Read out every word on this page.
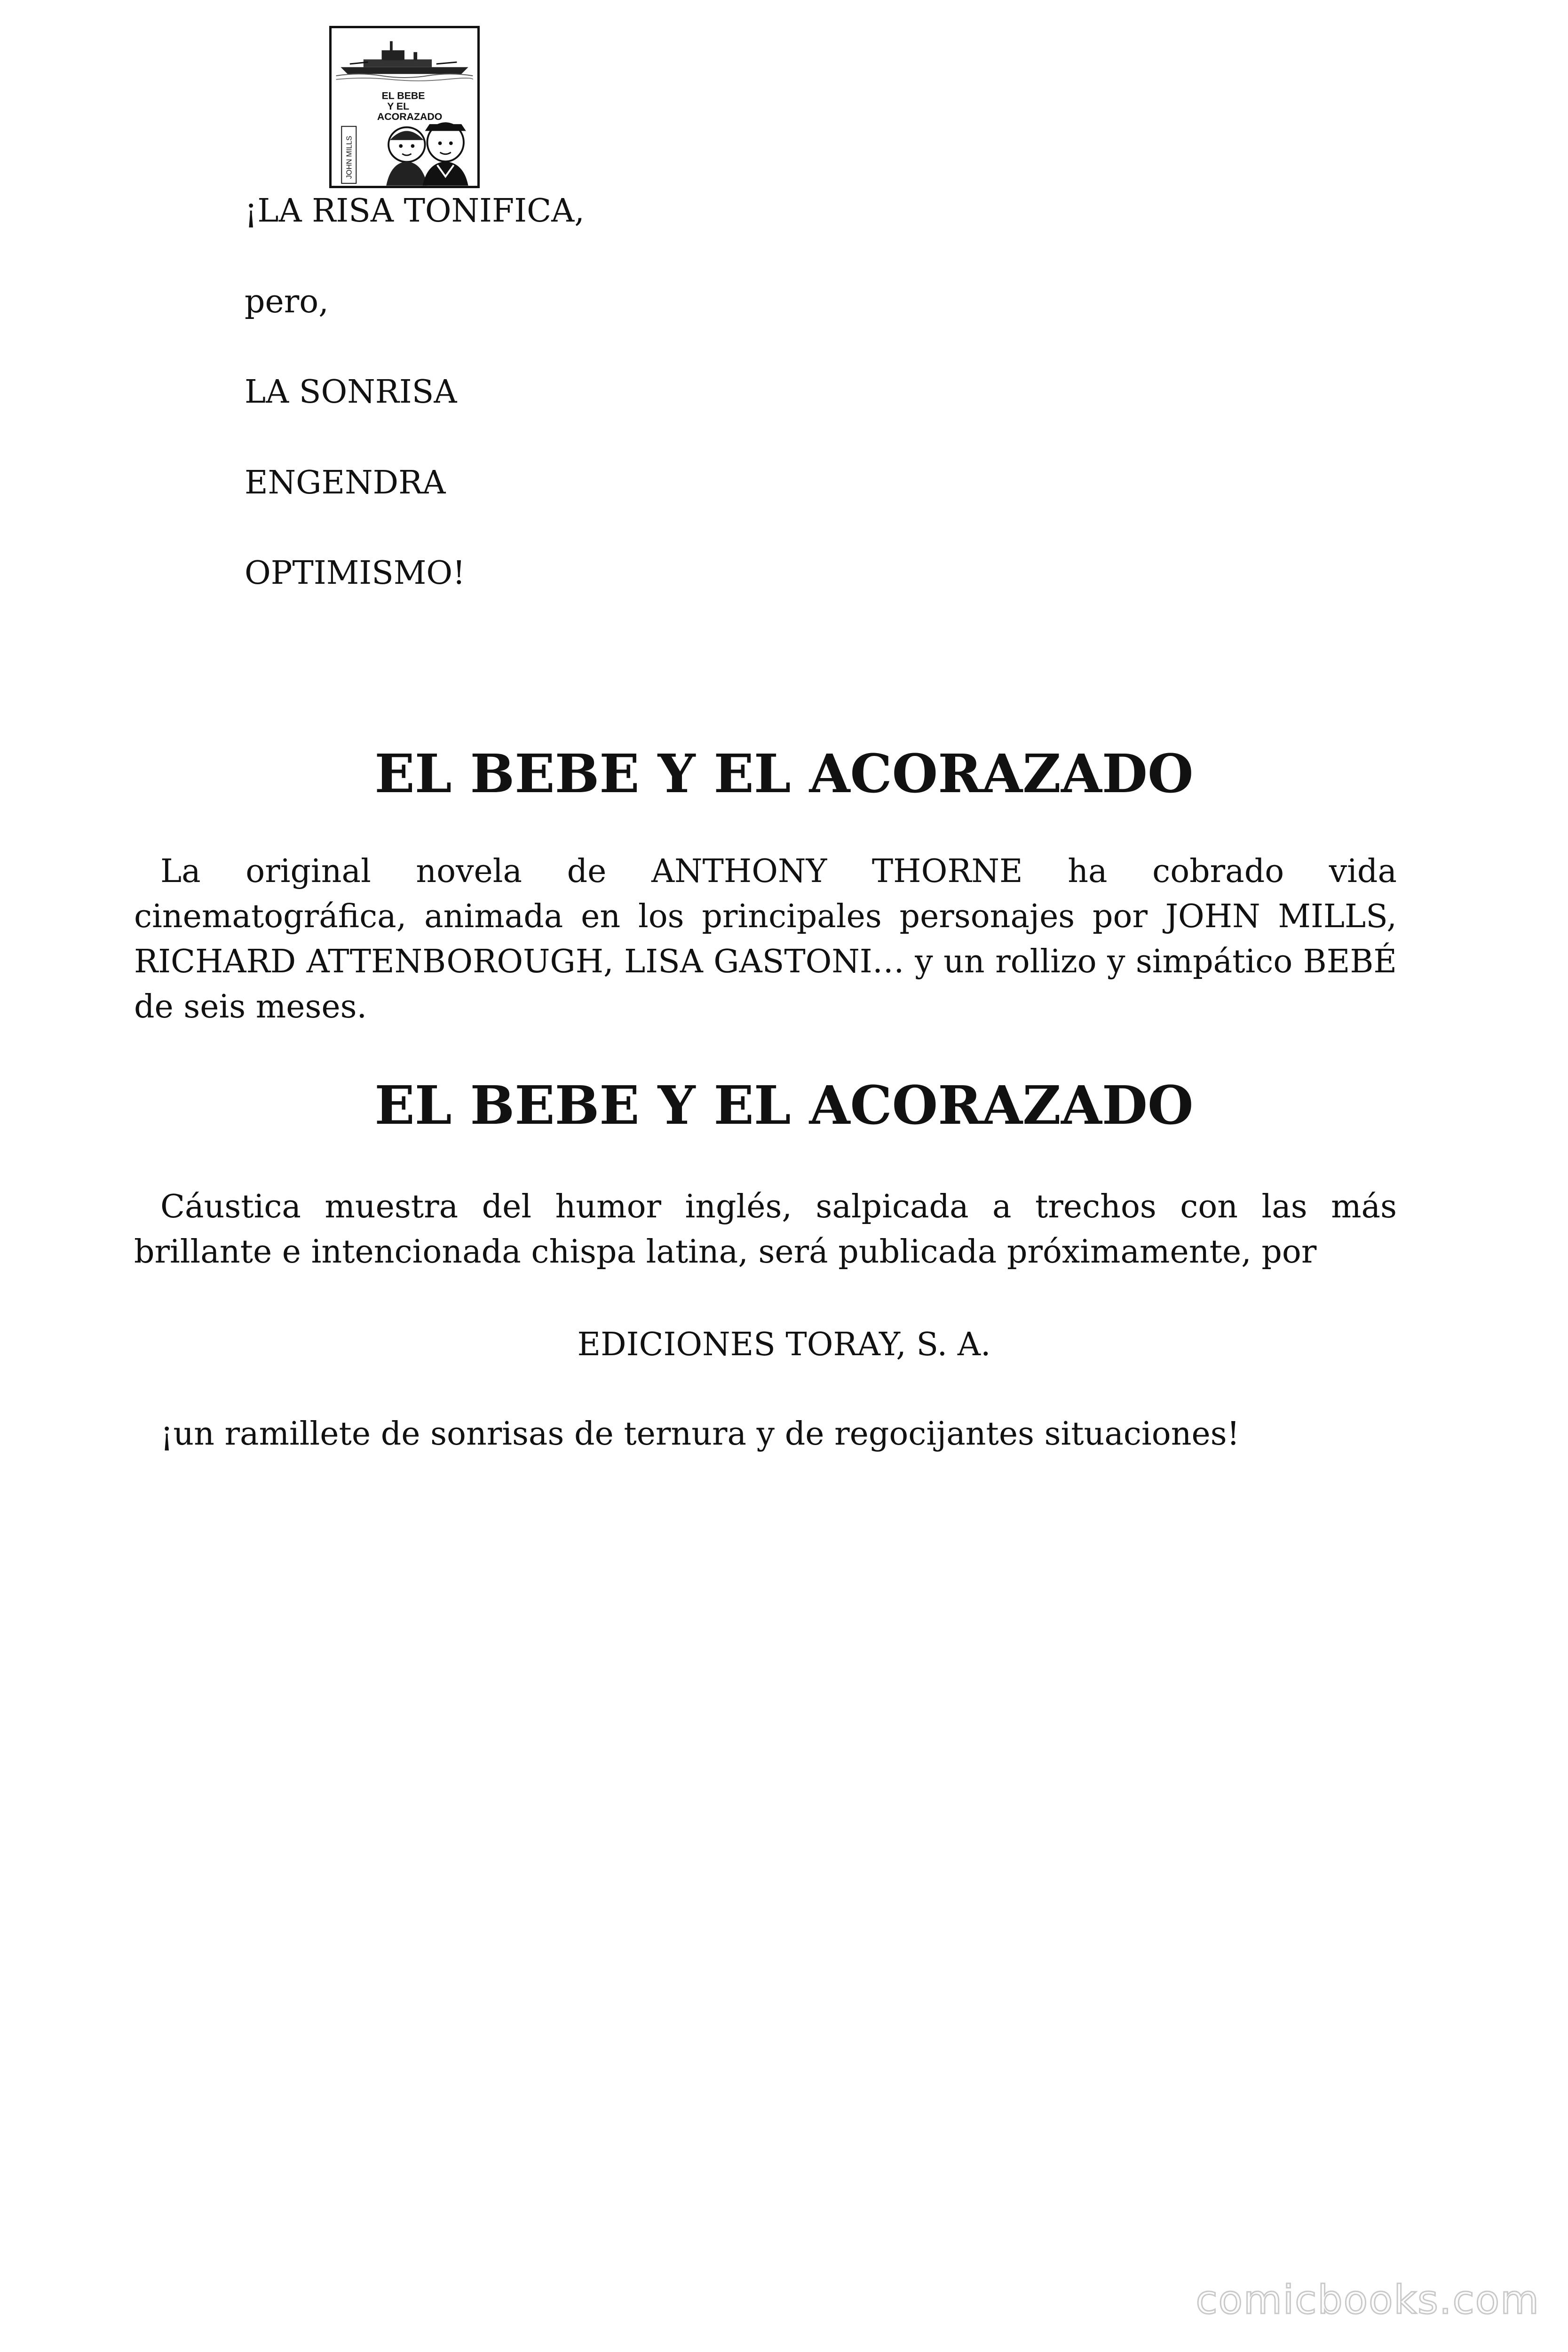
EL BEBE
Y EL
ACORAZADO
JOHN MILLS
¡LA RISA TONIFICA,
pero,
LA SONRISA
ENGENDRA
OPTIMISMO!
EL BEBE Y EL ACORAZADO

La original novela de ANTHONY THORNE ha cobrado vida cinematográfica, animada en los principales personajes por JOHN MILLS, RICHARD ATTENBOROUGH, LISA GASTONI… y un rollizo y simpático BEBÉ de seis meses.

EL BEBE Y EL ACORAZADO

Cáustica muestra del humor inglés, salpicada a trechos con las más brillante e intencionada chispa latina, será publicada próximamente, por

EDICIONES TORAY, S. A.
¡un ramillete de sonrisas de ternura y de regocijantes situaciones!
comicbooks.com
